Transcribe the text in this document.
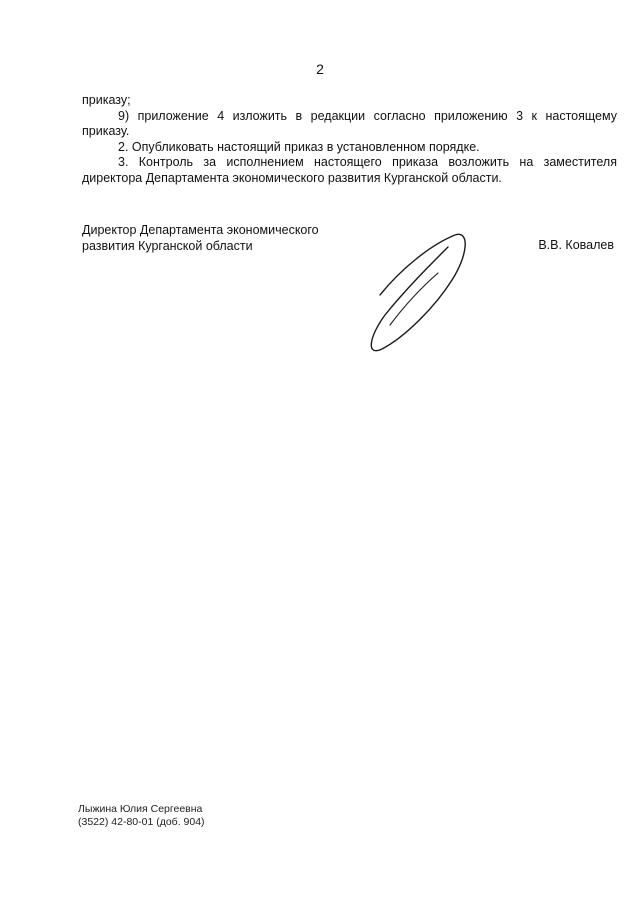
2

приказу;

9) приложение 4 изложить в редакции согласно приложению 3 к настоящему приказу.

2. Опубликовать настоящий приказ в установленном порядке.

3. Контроль за исполнением настоящего приказа возложить на заместителя директора Департамента экономического развития Курганской области.

Директор Департамента экономического
развития Курганской области	В.В. Ковалев
Лыжина Юлия Сергеевна
(3522) 42-80-01 (доб. 904)
